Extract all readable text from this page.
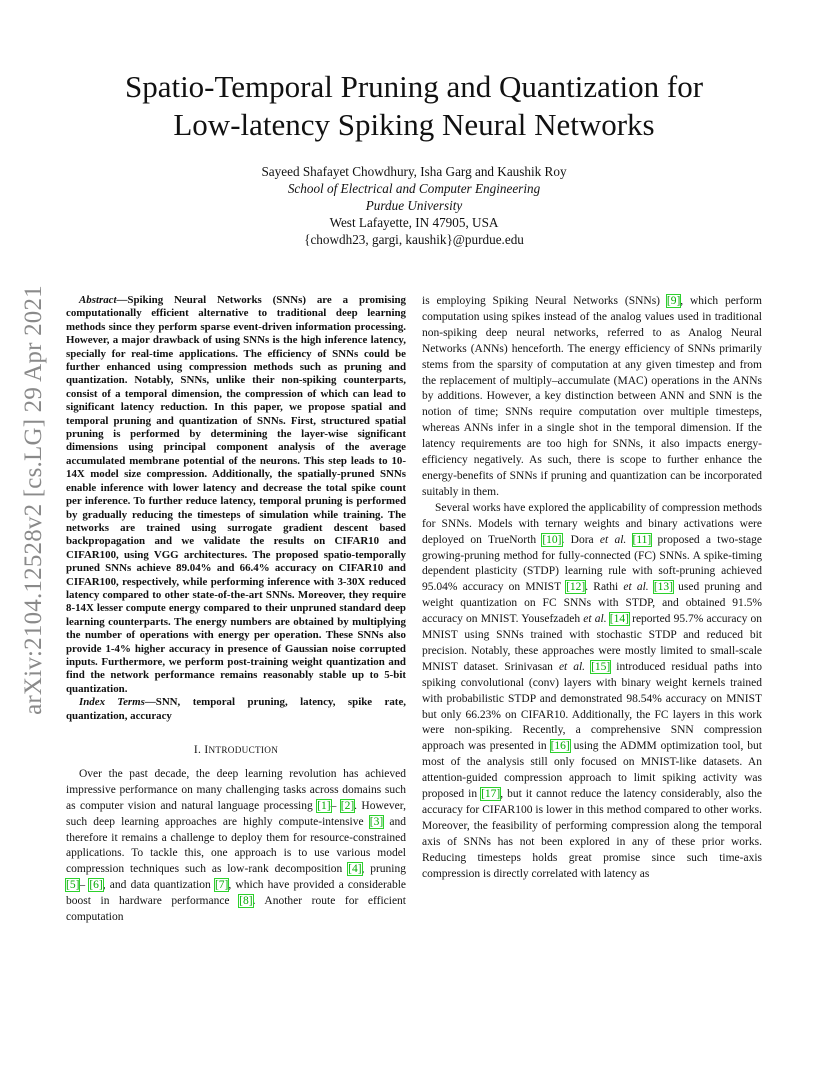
arXiv:2104.12528v2 [cs.LG] 29 Apr 2021
Spatio-Temporal Pruning and Quantization for
Low-latency Spiking Neural Networks
Sayeed Shafayet Chowdhury, Isha Garg and Kaushik Roy
School of Electrical and Computer Engineering
Purdue University
West Lafayette, IN 47905, USA
{chowdh23, gargi, kaushik}@purdue.edu

Abstract—Spiking Neural Networks (SNNs) are a promising computationally efficient alternative to traditional deep learning methods since they perform sparse event-driven information processing. However, a major drawback of using SNNs is the high inference latency, specially for real-time applications. The efficiency of SNNs could be further enhanced using compression methods such as pruning and quantization. Notably, SNNs, unlike their non-spiking counterparts, consist of a temporal dimension, the compression of which can lead to significant latency reduction. In this paper, we propose spatial and temporal pruning and quantization of SNNs. First, structured spatial pruning is performed by determining the layer-wise significant dimensions using principal component analysis of the average accumulated membrane potential of the neurons. This step leads to 10-14X model size compression. Additionally, the spatially-pruned SNNs enable inference with lower latency and decrease the total spike count per inference. To further reduce latency, temporal pruning is performed by gradually reducing the timesteps of simulation while training. The networks are trained using surrogate gradient descent based backpropagation and we validate the results on CIFAR10 and CIFAR100, using VGG architectures. The proposed spatio-temporally pruned SNNs achieve 89.04% and 66.4% accuracy on CIFAR10 and CIFAR100, respectively, while performing inference with 3-30X reduced latency compared to other state-of-the-art SNNs. Moreover, they require 8-14X lesser compute energy compared to their unpruned standard deep learning counterparts. The energy numbers are obtained by multiplying the number of operations with energy per operation. These SNNs also provide 1-4% higher accuracy in presence of Gaussian noise corrupted inputs. Furthermore, we perform post-training weight quantization and find the network performance remains reasonably stable up to 5-bit quantization.

Index Terms—SNN, temporal pruning, latency, spike rate, quantization, accuracy

I. INTRODUCTION

Over the past decade, the deep learning revolution has achieved impressive performance on many challenging tasks across domains such as computer vision and natural language processing [1]– [2]. However, such deep learning approaches are highly compute-intensive [3] and therefore it remains a challenge to deploy them for resource-constrained applications. To tackle this, one approach is to use various model compression techniques such as low-rank decomposition [4], pruning [5]– [6], and data quantization [7], which have provided a considerable boost in hardware performance [8]. Another route for efficient computation

is employing Spiking Neural Networks (SNNs) [9], which perform computation using spikes instead of the analog values used in traditional non-spiking deep neural networks, referred to as Analog Neural Networks (ANNs) henceforth. The energy efficiency of SNNs primarily stems from the sparsity of computation at any given timestep and from the replacement of multiply–accumulate (MAC) operations in the ANNs by additions. However, a key distinction between ANN and SNN is the notion of time; SNNs require computation over multiple timesteps, whereas ANNs infer in a single shot in the temporal dimension. If the latency requirements are too high for SNNs, it also impacts energy-efficiency negatively. As such, there is scope to further enhance the energy-benefits of SNNs if pruning and quantization can be incorporated suitably in them.

Several works have explored the applicability of compression methods for SNNs. Models with ternary weights and binary activations were deployed on TrueNorth [10]. Dora et al. [11] proposed a two-stage growing-pruning method for fully-connected (FC) SNNs. A spike-timing dependent plasticity (STDP) learning rule with soft-pruning achieved 95.04% accuracy on MNIST [12]. Rathi et al. [13] used pruning and weight quantization on FC SNNs with STDP, and obtained 91.5% accuracy on MNIST. Yousefzadeh et al. [14] reported 95.7% accuracy on MNIST using SNNs trained with stochastic STDP and reduced bit precision. Notably, these approaches were mostly limited to small-scale MNIST dataset. Srinivasan et al. [15] introduced residual paths into spiking convolutional (conv) layers with binary weight kernels trained with probabilistic STDP and demonstrated 98.54% accuracy on MNIST but only 66.23% on CIFAR10. Additionally, the FC layers in this work were non-spiking. Recently, a comprehensive SNN compression approach was presented in [16] using the ADMM optimization tool, but most of the analysis still only focused on MNIST-like datasets. An attention-guided compression approach to limit spiking activity was proposed in [17], but it cannot reduce the latency considerably, also the accuracy for CIFAR100 is lower in this method compared to other works. Moreover, the feasibility of performing compression along the temporal axis of SNNs has not been explored in any of these prior works. Reducing timesteps holds great promise since such time-axis compression is directly correlated with latency as
